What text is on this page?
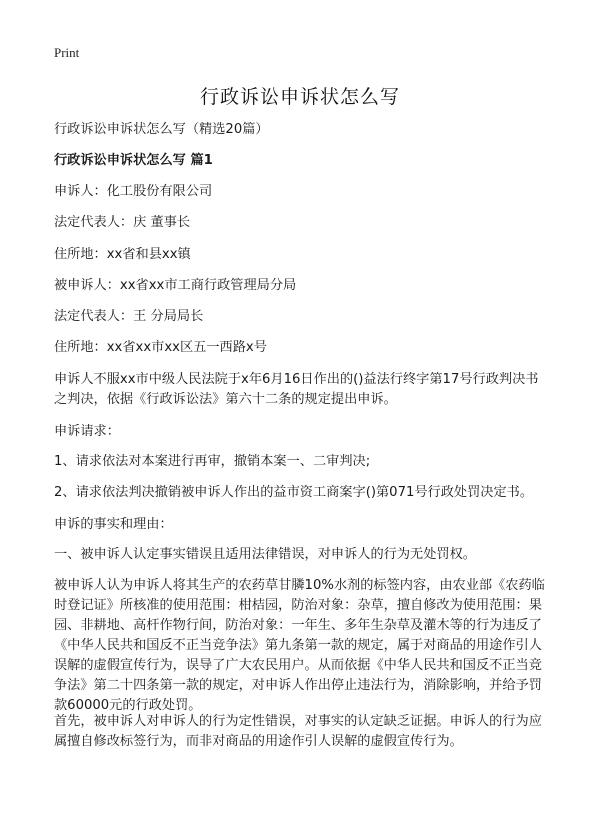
Print

行政诉讼申诉状怎么写

行政诉讼申诉状怎么写（精选20篇）

行政诉讼申诉状怎么写 篇1

申诉人：化工股份有限公司

法定代表人：庆 董事长

住所地：xx省和县xx镇

被申诉人：xx省xx市工商行政管理局分局

法定代表人：王 分局局长

住所地：xx省xx市xx区五一西路x号

申诉人不服xx市中级人民法院于x年6月16日作出的()益法行终字第17号行政判决书之判决，依据《行政诉讼法》第六十二条的规定提出申诉。

申诉请求：

1、请求依法对本案进行再审，撤销本案一、二审判决;

2、请求依法判决撤销被申诉人作出的益市资工商案字()第071号行政处罚决定书。

申诉的事实和理由：

一、被申诉人认定事实错误且适用法律错误，对申诉人的行为无处罚权。

被申诉人认为申诉人将其生产的农药草甘膦10%水剂的标签内容，由农业部《农药临时登记证》所核准的使用范围：柑桔园，防治对象：杂草，擅自修改为使用范围：果园、非耕地、高杆作物行间，防治对象：一年生、多年生杂草及灌木等的行为违反了《中华人民共和国反不正当竞争法》第九条第一款的规定，属于对商品的用途作引人误解的虚假宣传行为，误导了广大农民用户。从而依据《中华人民共和国反不正当竞争法》第二十四条第一款的规定，对申诉人作出停止违法行为，消除影响，并给予罚款60000元的行政处罚。

首先，被申诉人对申诉人的行为定性错误，对事实的认定缺乏证据。申诉人的行为应属擅自修改标签行为，而非对商品的用途作引人误解的虚假宣传行为。
